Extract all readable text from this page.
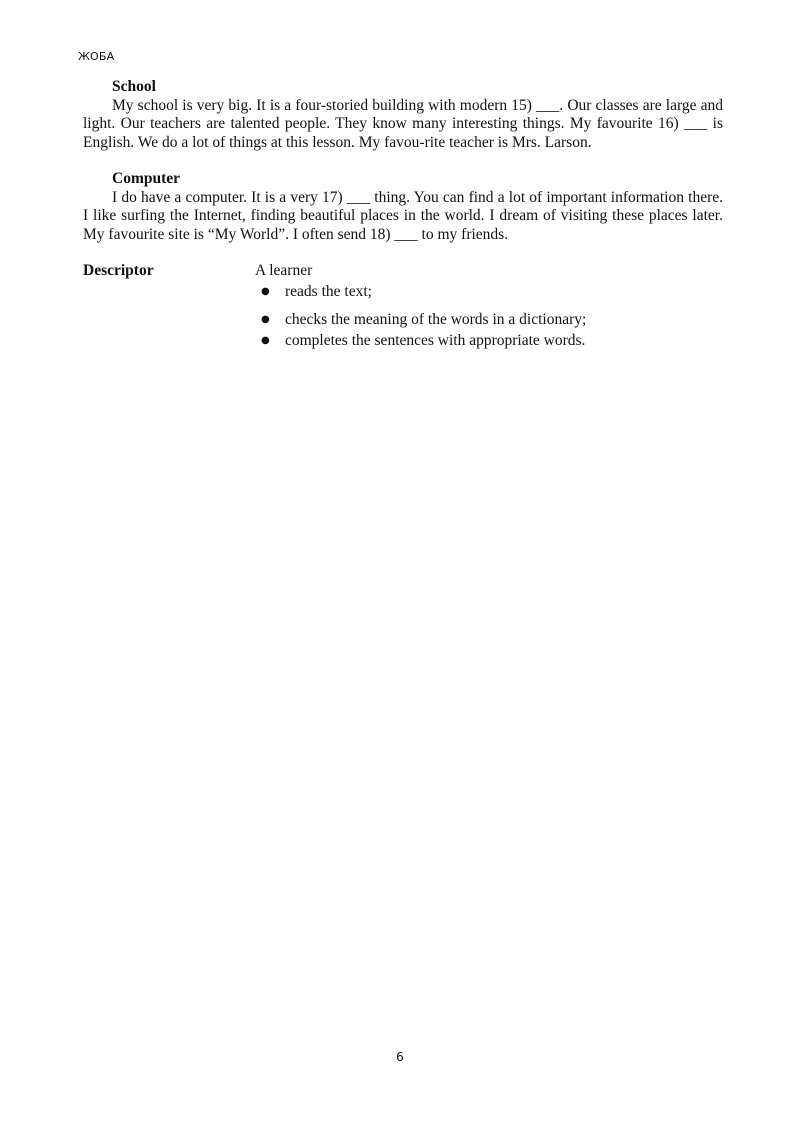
ЖОБА

School

My school is very big. It is a four-storied building with modern 15) ___. Our classes are large and light. Our teachers are talented people. They know many interesting things. My favourite 16) ___ is English. We do a lot of things at this lesson. My favou-rite teacher is Mrs. Larson.

Computer

I do have a computer. It is a very 17) ___ thing. You can find a lot of important information there. I like surfing the Internet, finding beautiful places in the world. I dream of visiting these places later. My favourite site is “My World”. I often send 18) ___ to my friends.

Descriptor	A learner
● reads the text;
● checks the meaning of the words in a dictionary;
● completes the sentences with appropriate words.
6
